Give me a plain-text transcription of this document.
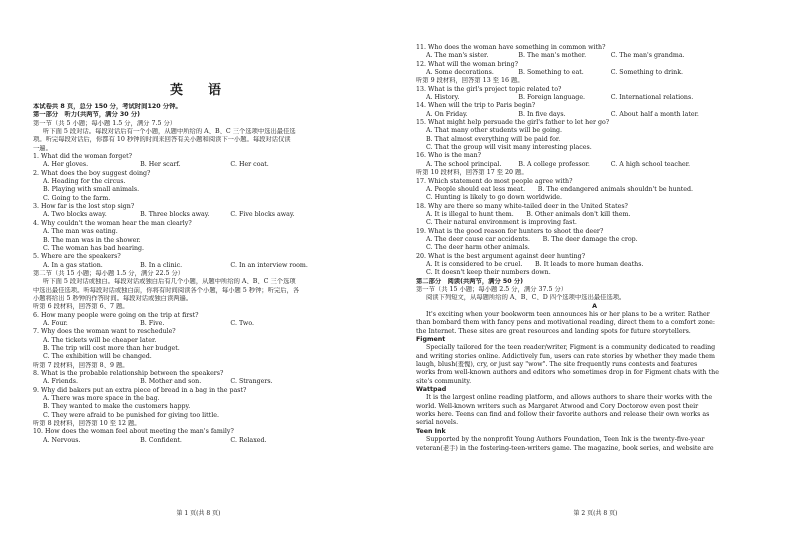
英　语
本试卷共 8 页，总分 150 分，考试时间120 分钟。
第一部分　听力(共两节，满分 30 分)
第一节（共 5 小题；每小题 1.5 分，满分 7.5 分）
听下面 5 段对话。每段对话后有一个小题，从题中所给的 A、B、C 三个选项中选出最佳选
项。听完每段对话后，你都有 10 秒钟的时间来回答有关小题和阅读下一小题。每段对话仅读
一遍。
1. What did the woman forget?
A. Her gloves.	B. Her scarf.	C. Her coat.
2. What does the boy suggest doing?
A. Heading for the circus.
B. Playing with small animals.
C. Going to the farm.
3. How far is the lost stop sign?
A. Two blocks away.	B. Three blocks away.	C. Five blocks away.
4. Why couldn't the woman hear the man clearly?
A. The man was eating.
B. The man was in the shower.
C. The woman has bad hearing.
5. Where are the speakers?
A. In a gas station.	B. In a clinic.	C. In an interview room.
第二节（共 15 小题；每小题 1.5 分，满分 22.5 分）
听下面 5 段对话或独白。每段对话或独白后有几个小题，从题中所给的 A、B、C 三个选项
中选出最佳选项。听每段对话或独白前，你将有时间阅读各个小题，每小题 5 秒钟；听完后，各
小题将给出 5 秒钟的作答时间。每段对话或独白读两遍。
听第 6 段材料，回答第 6、7 题。
6. How many people were going on the trip at first?
A. Four.	B. Five.	C. Two.
7. Why does the woman want to reschedule?
A. The tickets will be cheaper later.
B. The trip will cost more than her budget.
C. The exhibition will be changed.
听第 7 段材料，回答第 8、9 题。
8. What is the probable relationship between the speakers?
A. Friends.	B. Mother and son.	C. Strangers.
9. Why did bakers put an extra piece of bread in a bag in the past?
A. There was more space in the bag.
B. They wanted to make the customers happy.
C. They were afraid to be punished for giving too little.
听第 8 段材料，回答第 10 至 12 题。
10. How does the woman feel about meeting the man's family?
A. Nervous.	B. Confident.	C. Relaxed.
第 1 页(共 8 页)
11. Who does the woman have something in common with?
A. The man's sister.	B. The man's mother.	C. The man's grandma.
12. What will the woman bring?
A. Some decorations.	B. Something to eat.	C. Something to drink.
听第 9 段材料，回答第 13 至 16 题。
13. What is the girl's project topic related to?
A. History.	B. Foreign language.	C. International relations.
14. When will the trip to Paris begin?
A. On Friday.	B. In five days.	C. About half a month later.
15. What might help persuade the girl's father to let her go?
A. That many other students will be going.
B. That almost everything will be paid for.
C. That the group will visit many interesting places.
16. Who is the man?
A. The school principal.	B. A college professor.	C. A high school teacher.
听第 10 段材料，回答第 17 至 20 题。
17. Which statement do most people agree with?
A. People should eat less meat.　　B. The endangered animals shouldn't be hunted.
C. Hunting is likely to go down worldwide.
18. Why are there so many white-tailed deer in the United States?
A. It is illegal to hunt them.　　B. Other animals don't kill them.
C. Their natural environment is improving fast.
19. What is the good reason for hunters to shoot the deer?
A. The deer cause car accidents.　　B. The deer damage the crop.
C. The deer harm other animals.
20. What is the best argument against deer hunting?
A. It is considered to be cruel.　　B. It leads to more human deaths.
C. It doesn't keep their numbers down.
第二部分　阅读(共两节，满分 50 分)
第一节（共 15 小题；每小题 2.5 分，满分 37.5 分）
阅读下列短文，从每题所给的 A、B、C、D 四个选项中选出最佳选项。
A
It's exciting when your bookworm teen announces his or her plans to be a writer. Rather
than bombard them with fancy pens and motivational reading, direct them to a comfort zone:
the Internet. These sites are great resources and landing spots for future storytellers.
Figment
Specially tailored for the teen reader/writer, Figment is a community dedicated to reading
and writing stories online. Addictively fun, users can rate stories by whether they made them
laugh, blush(羞愧), cry, or just say "wow". The site frequently runs contests and features
works from well-known authors and editors who sometimes drop in for Figment chats with the
site's community.
Wattpad
It is the largest online reading platform, and allows authors to share their works with the
world. Well-known writers such as Margaret Atwood and Cory Doctorow even post their
works here. Teens can find and follow their favorite authors and release their own works as
serial novels.
Teen Ink
Supported by the nonprofit Young Authors Foundation, Teen Ink is the twenty-five-year
veteran(老手) in the fostering-teen-writers game. The magazine, book series, and website are
第 2 页(共 8 页)
